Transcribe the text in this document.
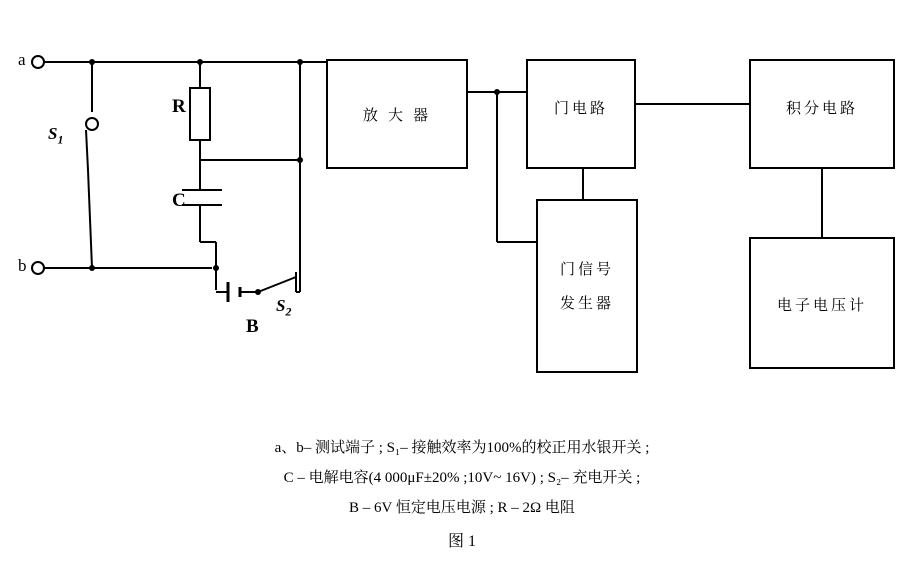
放 大 器	门电路	积分电路
门信号
发生器	电子电压计
b
$S_1$
R
C
$S_2$
B
a、b– 测试端子 ; S₁– 接触效率为100%的校正用水银开关 ;
C – 电解电容(4 000μF±20% ;10V~ 16V) ; S₂– 充电开关 ;
B – 6V 恒定电压电源 ; R – 2Ω 电阻
图 1
a
